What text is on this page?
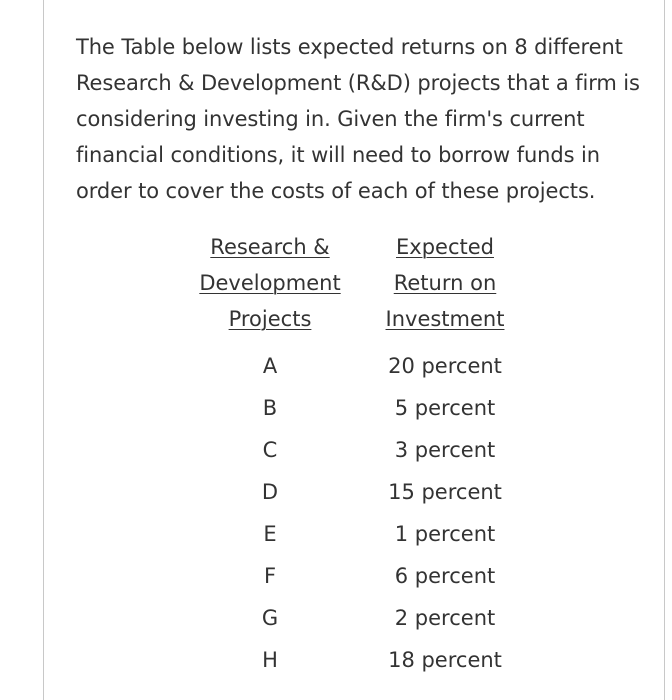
The Table below lists expected returns on 8 different
Research & Development (R&D) projects that a firm is
considering investing in. Given the firm's current
financial conditions, it will need to borrow funds in
order to cover the costs of each of these projects.

Research &
Development
Projects
A
B
C
D
E
F
G
H
Expected
Return on
Investment
20 percent
5 percent
3 percent
15 percent
1 percent
6 percent
2 percent
18 percent
